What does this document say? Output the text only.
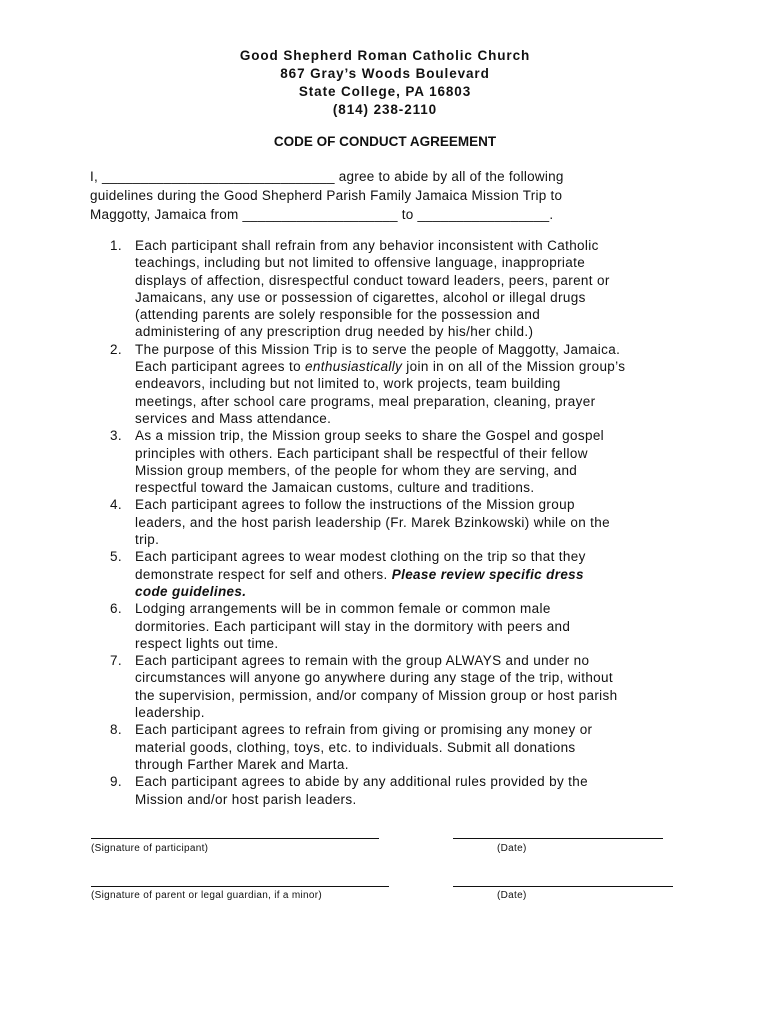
Good Shepherd Roman Catholic Church
867 Gray’s Woods Boulevard
State College, PA 16803
(814) 238-2110
CODE OF CONDUCT AGREEMENT

I, ______________________________ agree to abide by all of the following

guidelines during the Good Shepherd Parish Family Jamaica Mission Trip to

Maggotty, Jamaica from ____________________ to _________________.

1. Each participant shall refrain from any behavior inconsistent with Catholic
teachings, including but not limited to offensive language, inappropriate
displays of affection, disrespectful conduct toward leaders, peers, parent or
Jamaicans, any use or possession of cigarettes, alcohol or illegal drugs
(attending parents are solely responsible for the possession and
administering of any prescription drug needed by his/her child.)
2. The purpose of this Mission Trip is to serve the people of Maggotty, Jamaica.
Each participant agrees to enthusiastically join in on all of the Mission group’s
endeavors, including but not limited to, work projects, team building
meetings, after school care programs, meal preparation, cleaning, prayer
services and Mass attendance.
3. As a mission trip, the Mission group seeks to share the Gospel and gospel
principles with others. Each participant shall be respectful of their fellow
Mission group members, of the people for whom they are serving, and
respectful toward the Jamaican customs, culture and traditions.
4. Each participant agrees to follow the instructions of the Mission group
leaders, and the host parish leadership (Fr. Marek Bzinkowski) while on the
trip.
5. Each participant agrees to wear modest clothing on the trip so that they
demonstrate respect for self and others. Please review specific dress
code guidelines.
6. Lodging arrangements will be in common female or common male
dormitories. Each participant will stay in the dormitory with peers and
respect lights out time.
7. Each participant agrees to remain with the group ALWAYS and under no
circumstances will anyone go anywhere during any stage of the trip, without
the supervision, permission, and/or company of Mission group or host parish
leadership.
8. Each participant agrees to refrain from giving or promising any money or
material goods, clothing, toys, etc. to individuals. Submit all donations
through Farther Marek and Marta.
9. Each participant agrees to abide by any additional rules provided by the
Mission and/or host parish leaders.
(Signature of participant)	(Date)
(Signature of parent or legal guardian, if a minor)	(Date)
